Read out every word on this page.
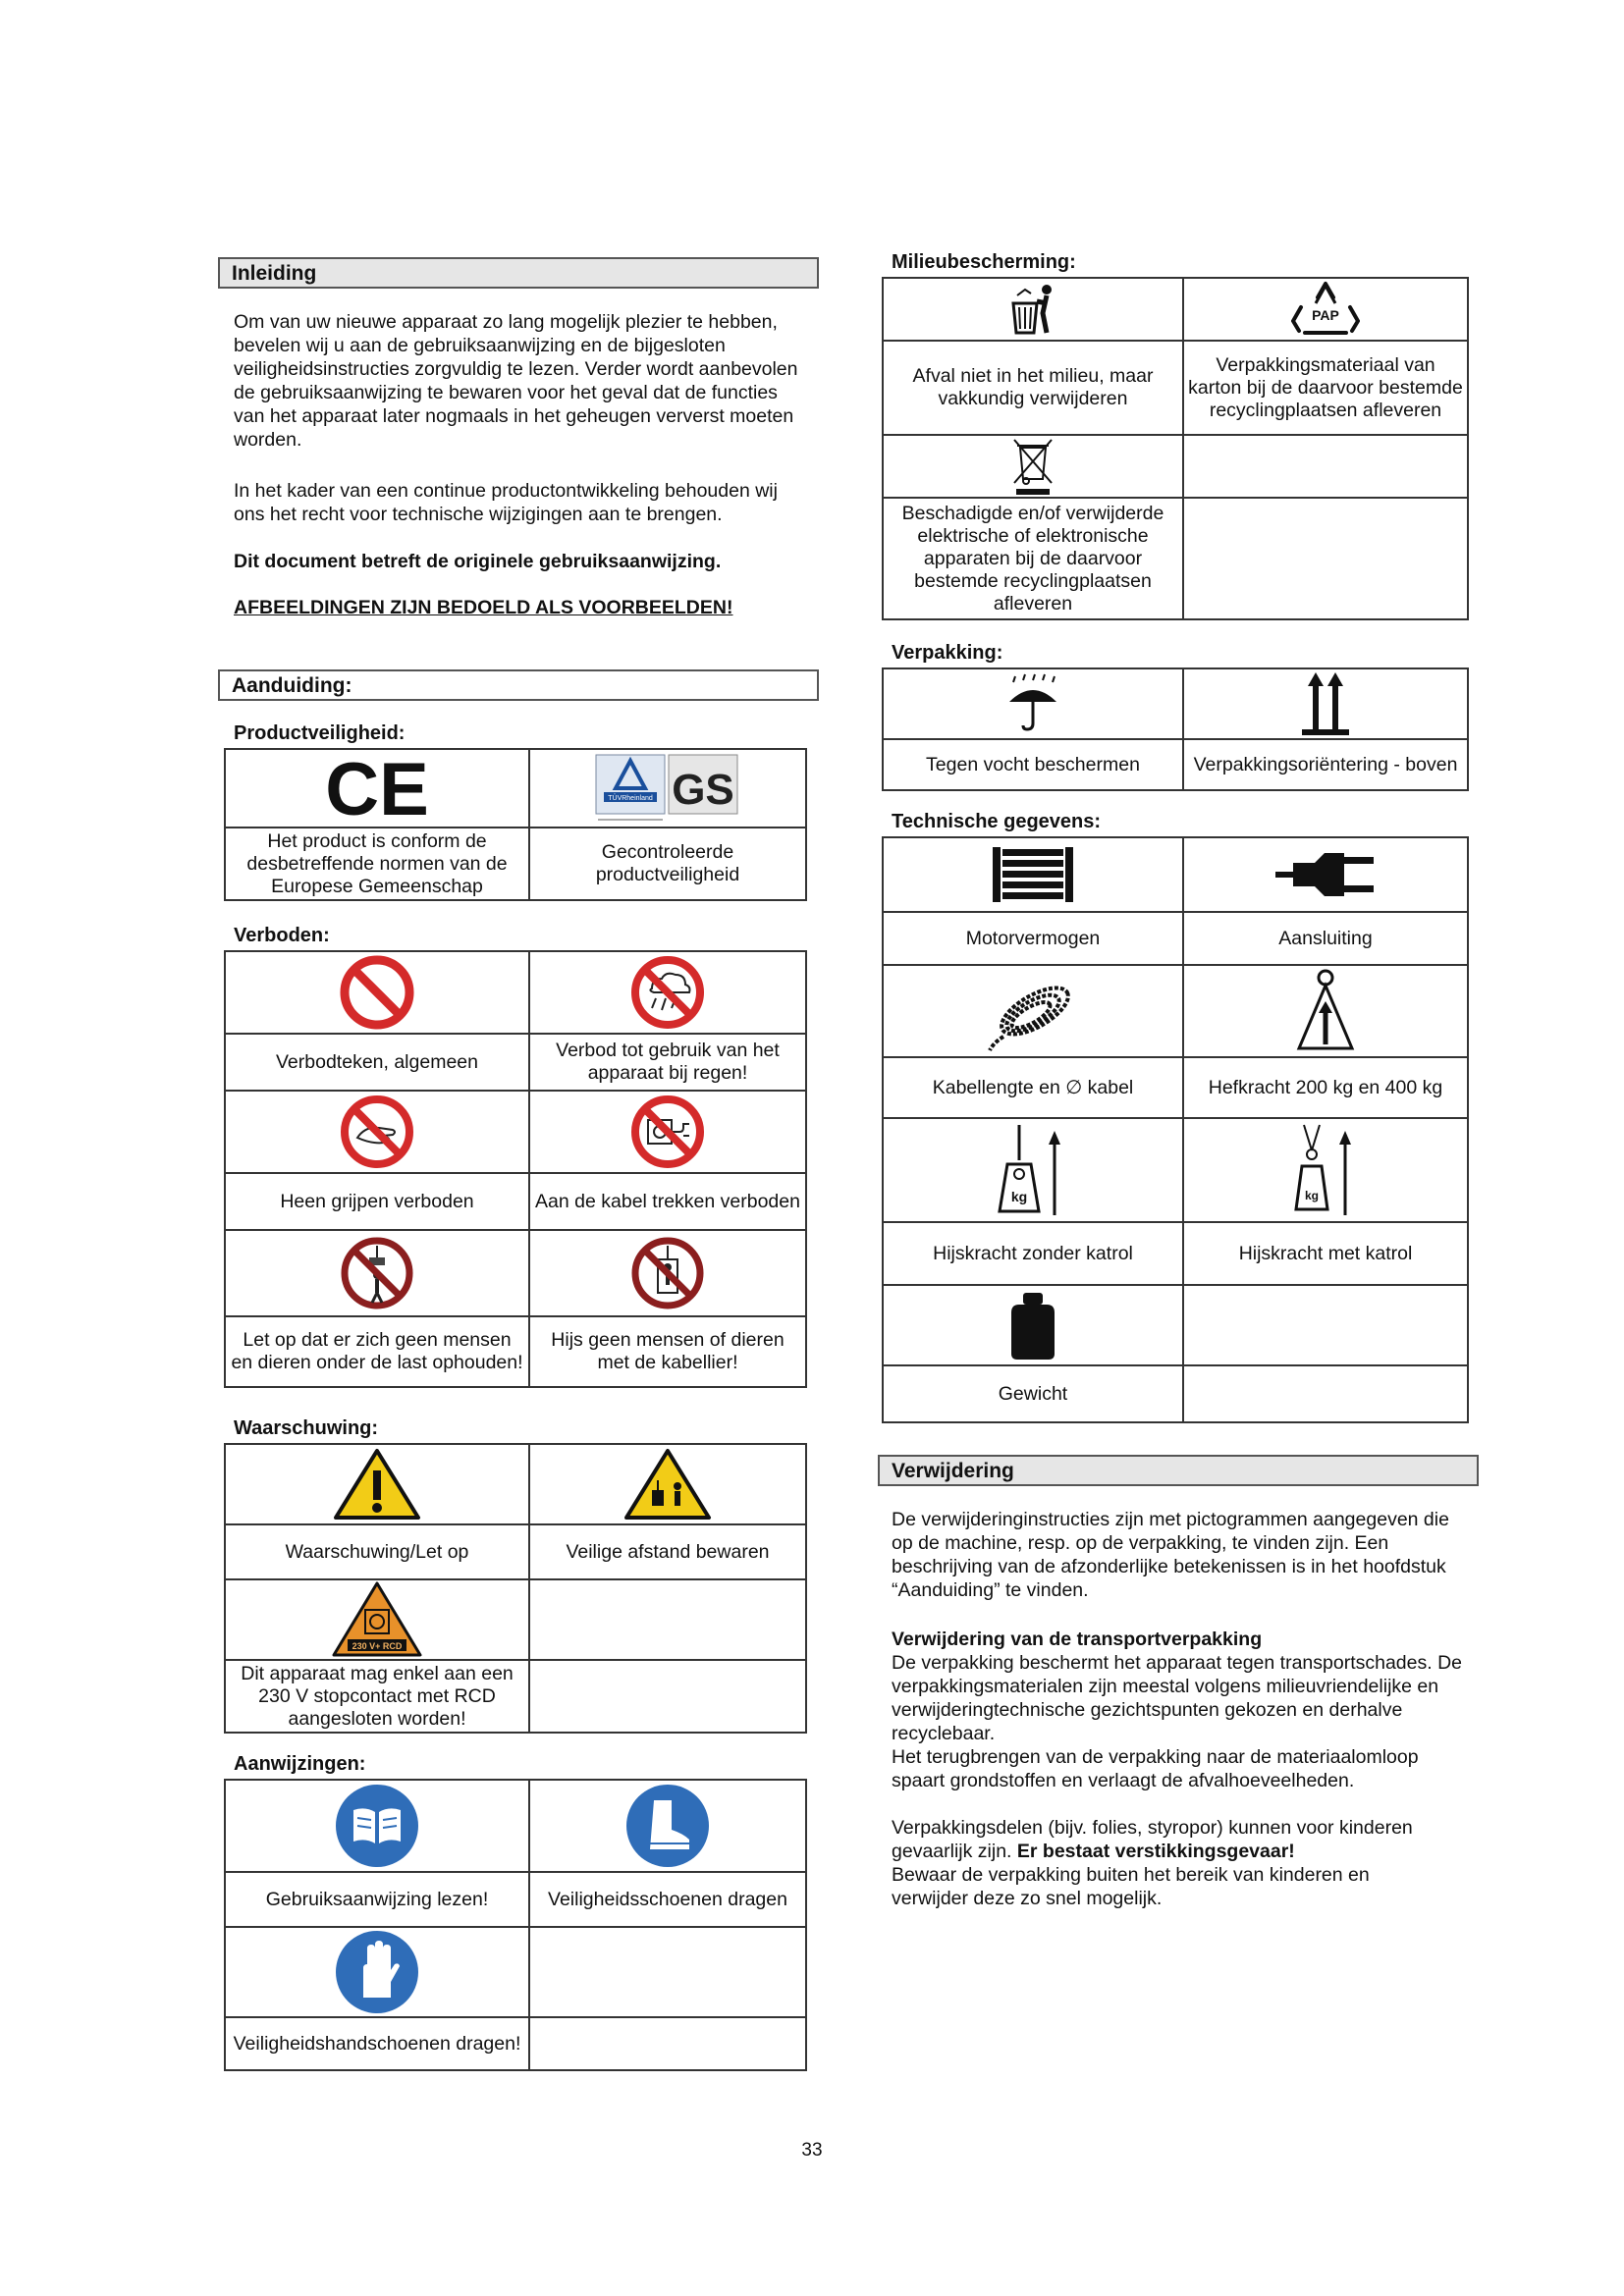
Inleiding
Om van uw nieuwe apparaat zo lang mogelijk plezier te hebben, bevelen wij u aan de gebruiksaanwijzing en de bijgesloten veiligheidsinstructies zorgvuldig te lezen. Verder wordt aanbevolen de gebruiksaanwijzing te bewaren voor het geval dat de functies van het apparaat later nogmaals in het geheugen ververst moeten worden.
In het kader van een continue productontwikkeling behouden wij ons het recht voor technische wijzigingen aan te brengen.
Dit document betreft de originele gebruiksaanwijzing.
AFBEELDINGEN ZIJN BEDOELD ALS VOORBEELDEN!
Aanduiding:
Productveiligheid:
CE	TÜVRheinland GS

Het product is conform de desbetreffende normen van de Europese Gemeenschap	Gecontroleerde productveiligheid
Verboden:

Verbodteken, algemeen	Verbod tot gebruik van het apparaat bij regen!

Heen grijpen verboden	Aan de kabel trekken verboden

Let op dat er zich geen mensen en dieren onder de last ophouden!	Hijs geen mensen of dieren met de kabellier!
Waarschuwing:

Waarschuwing/Let op	Veilige afstand bewaren

230 V+ RCD	

Dit apparaat mag enkel aan een 230 V stopcontact met RCD aangesloten worden!	
Aanwijzingen:

Gebruiksaanwijzing lezen!	Veiligheidsschoenen dragen

Veiligheidshandschoenen dragen!	
Milieubescherming:

PAP

Afval niet in het milieu, maar vakkundig verwijderen	Verpakkingsmateriaal van karton bij de daarvoor bestemde recyclingplaatsen afleveren

Beschadigde en/of verwijderde elektrische of elektronische apparaten bij de daarvoor bestemde recyclingplaatsen afleveren	
Verpakking:

Tegen vocht beschermen	Verpakkingsoriëntering - boven
Technische gegevens:

Motorvermogen	Aansluiting

Kabellengte en ∅ kabel	Hefkracht 200 kg en 400 kg

kg	kg

Hijskracht zonder katrol	Hijskracht met katrol

Gewicht	
Verwijdering
De verwijderinginstructies zijn met pictogrammen aangegeven die op de machine, resp. op de verpakking, te vinden zijn. Een beschrijving van de afzonderlijke betekenissen is in het hoofdstuk “Aanduiding” te vinden.
Verwijdering van de transportverpakking
De verpakking beschermt het apparaat tegen transportschades. De verpakkingsmaterialen zijn meestal volgens milieuvriendelijke en verwijderingtechnische gezichtspunten gekozen en derhalve recyclebaar.
Het terugbrengen van de verpakking naar de materiaalomloop spaart grondstoffen en verlaagt de afvalhoeveelheden.
Verpakkingsdelen (bijv. folies, styropor) kunnen voor kinderen gevaarlijk zijn. Er bestaat verstikkingsgevaar!
Bewaar de verpakking buiten het bereik van kinderen en verwijder deze zo snel mogelijk.
33
